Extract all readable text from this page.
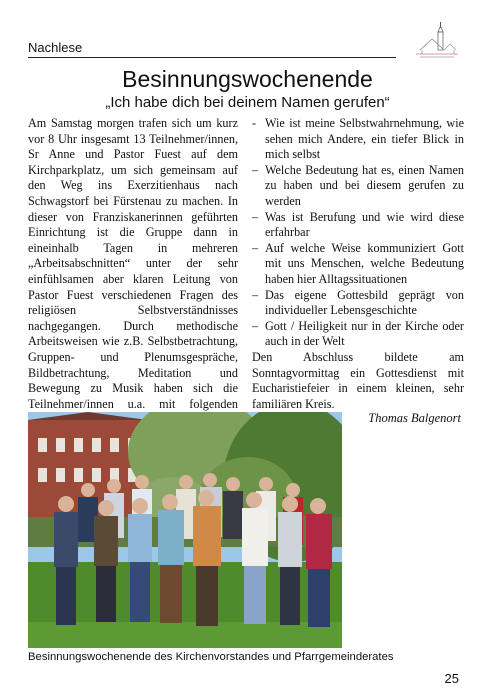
Nachlese
Besinnungswochenende
„Ich habe dich bei deinem Namen gerufen“
Am Samstag morgen trafen sich um kurz vor 8 Uhr insgesamt 13 Teilnehmer/innen, Sr Anne und Pastor Fuest auf dem Kirchparkplatz, um sich gemeinsam auf den Weg ins Exerzitienhaus nach Schwagstorf bei Fürstenau zu machen. In dieser von Franziskanerinnen geführten Einrichtung ist die Gruppe dann in eineinhalb Tagen in mehreren „Arbeitsabschnitten“ unter der sehr einfühlsamen aber klaren Leitung von Pastor Fuest verschiedenen Fragen des religiösen Selbstverständnisses nachgegangen. Durch methodische Arbeitsweisen wie z.B. Selbstbetrachtung, Gruppen- und Plenumsgespräche, Bildbetrachtung, Meditation und Bewegung zu Musik haben sich die Teilnehmer/innen u.a. mit folgenden
- Wie ist meine Selbstwahrnehmung, wie sehen mich Andere, ein tiefer Blick in mich selbst
– Welche Bedeutung hat es, einen Namen zu haben und bei diesem gerufen zu werden
– Was ist Berufung und wie wird diese erfahrbar
– Auf welche Weise kommuniziert Gott mit uns Menschen, welche Bedeutung haben hier Alltagssituationen
– Das eigene Gottesbild geprägt von individueller Lebensgeschichte
– Gott / Heiligkeit nur in der Kirche oder auch in der Welt

Den Abschluss bildete am Sonntagvormittag ein Gottesdienst mit Eucharistiefeier in einem kleinen, sehr familiären Kreis.

Thomas Balgenort
Besinnungswochenende des Kirchenvorstandes und Pfarrgemeinderates
25
